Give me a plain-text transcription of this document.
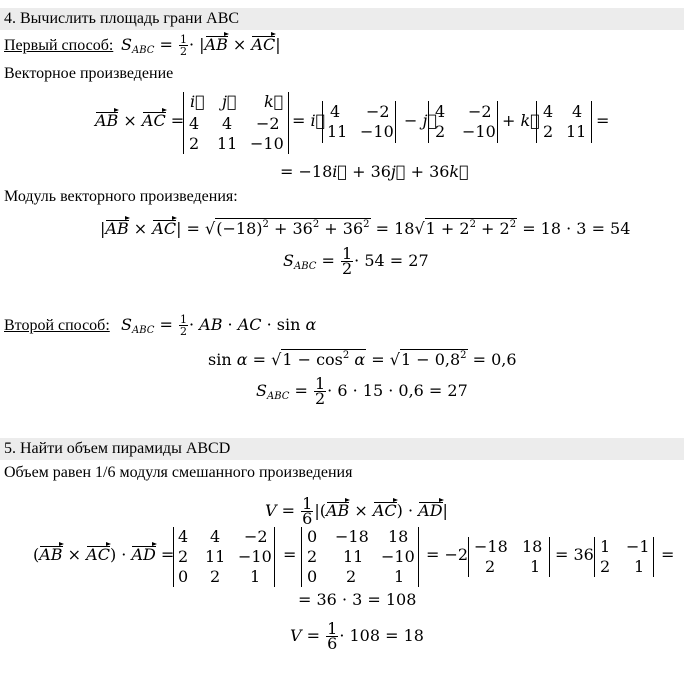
4. Вычислить площадь грани ABC
Первый способ: $S_{ABC} = \frac{1}{2} \cdot |AB \times AC|$
Векторное произведение
AB × AC =
i⃗ j⃗ k⃗
4 4 −2
2 11 −10
= i⃗ 4 −2
11 −10
− j⃗
4 −2
2 −10
+ k⃗ 4 4
2 11
=
= −18i⃗ + 36j⃗ + 36k⃗
Модуль векторного произведения:
$|AB \times AC| = √(-18)^2 + 36^2 + 36^2 = 18√1 + 2^2 + 2^2 = 18 \cdot 3 = 54$
$S_{ABC} = \frac{1}{2} \cdot 54 = 27$
Второй способ: $S_{ABC} = \frac{1}{2}$ · AB · AC · sin α
$\sin \alpha = √1 - \cos^2 \alpha = √1 - 0,8^2 = 0,6$
$S_{ABC} = \frac{1}{2} \cdot 6 \cdot 15 \cdot 0,6 = 27$
5. Найти объем пирамиды ABCD
Объем равен 1/6 модуля смешанного произведения
$V = \frac{1}{6} |(AB \times AC) \cdot AD|$
(AB × AC) · AD =
4 4 −2
2 11 −10
0 2 1
=
0 −18 18
2 11 −10
0 2 1
= −2 −18 18
2 1
= 36 1 −1
2 1
=
= 36 · 3 = 108
$V = \frac{1}{6} \cdot 108 = 18$
